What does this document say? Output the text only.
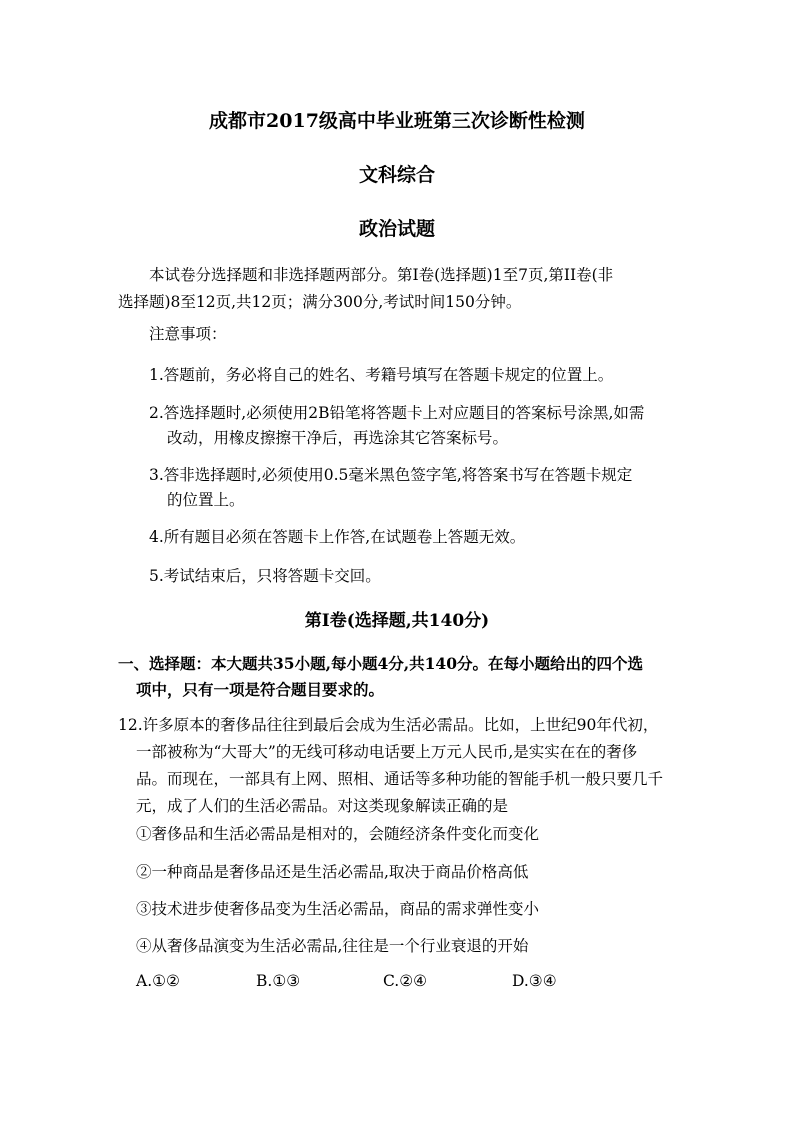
成都市2017级高中毕业班第三次诊断性检测
文科综合
政治试题
本试卷分选择题和非选择题两部分。第I卷(选择题)1至7页,第II卷(非
选择题)8至12页,共12页；满分300分,考试时间150分钟。
注意事项：
1.答题前，务必将自己的姓名、考籍号填写在答题卡规定的位置上。
2.答选择题时,必须使用2B铅笔将答题卡上对应题目的答案标号涂黑,如需
改动，用橡皮擦擦干净后，再选涂其它答案标号。
3.答非选择题时,必须使用0.5毫米黑色签字笔,将答案书写在答题卡规定
的位置上。
4.所有题目必须在答题卡上作答,在试题卷上答题无效。
5.考试结束后，只将答题卡交回。
第I卷(选择题,共140分)
一、选择题：本大题共35小题,每小题4分,共140分。在每小题给出的四个选
项中，只有一项是符合题目要求的。
12.许多原本的奢侈品往往到最后会成为生活必需品。比如，上世纪90年代初，
一部被称为“大哥大”的无线可移动电话要上万元人民币,是实实在在的奢侈
品。而现在，一部具有上网、照相、通话等多种功能的智能手机一般只要几千
元，成了人们的生活必需品。对这类现象解读正确的是
①奢侈品和生活必需品是相对的，会随经济条件变化而变化
②一种商品是奢侈品还是生活必需品,取决于商品价格高低
③技术进步使奢侈品变为生活必需品，商品的需求弹性变小
④从奢侈品演变为生活必需品,往往是一个行业衰退的开始
A.①②	B.①③	C.②④	D.③④
